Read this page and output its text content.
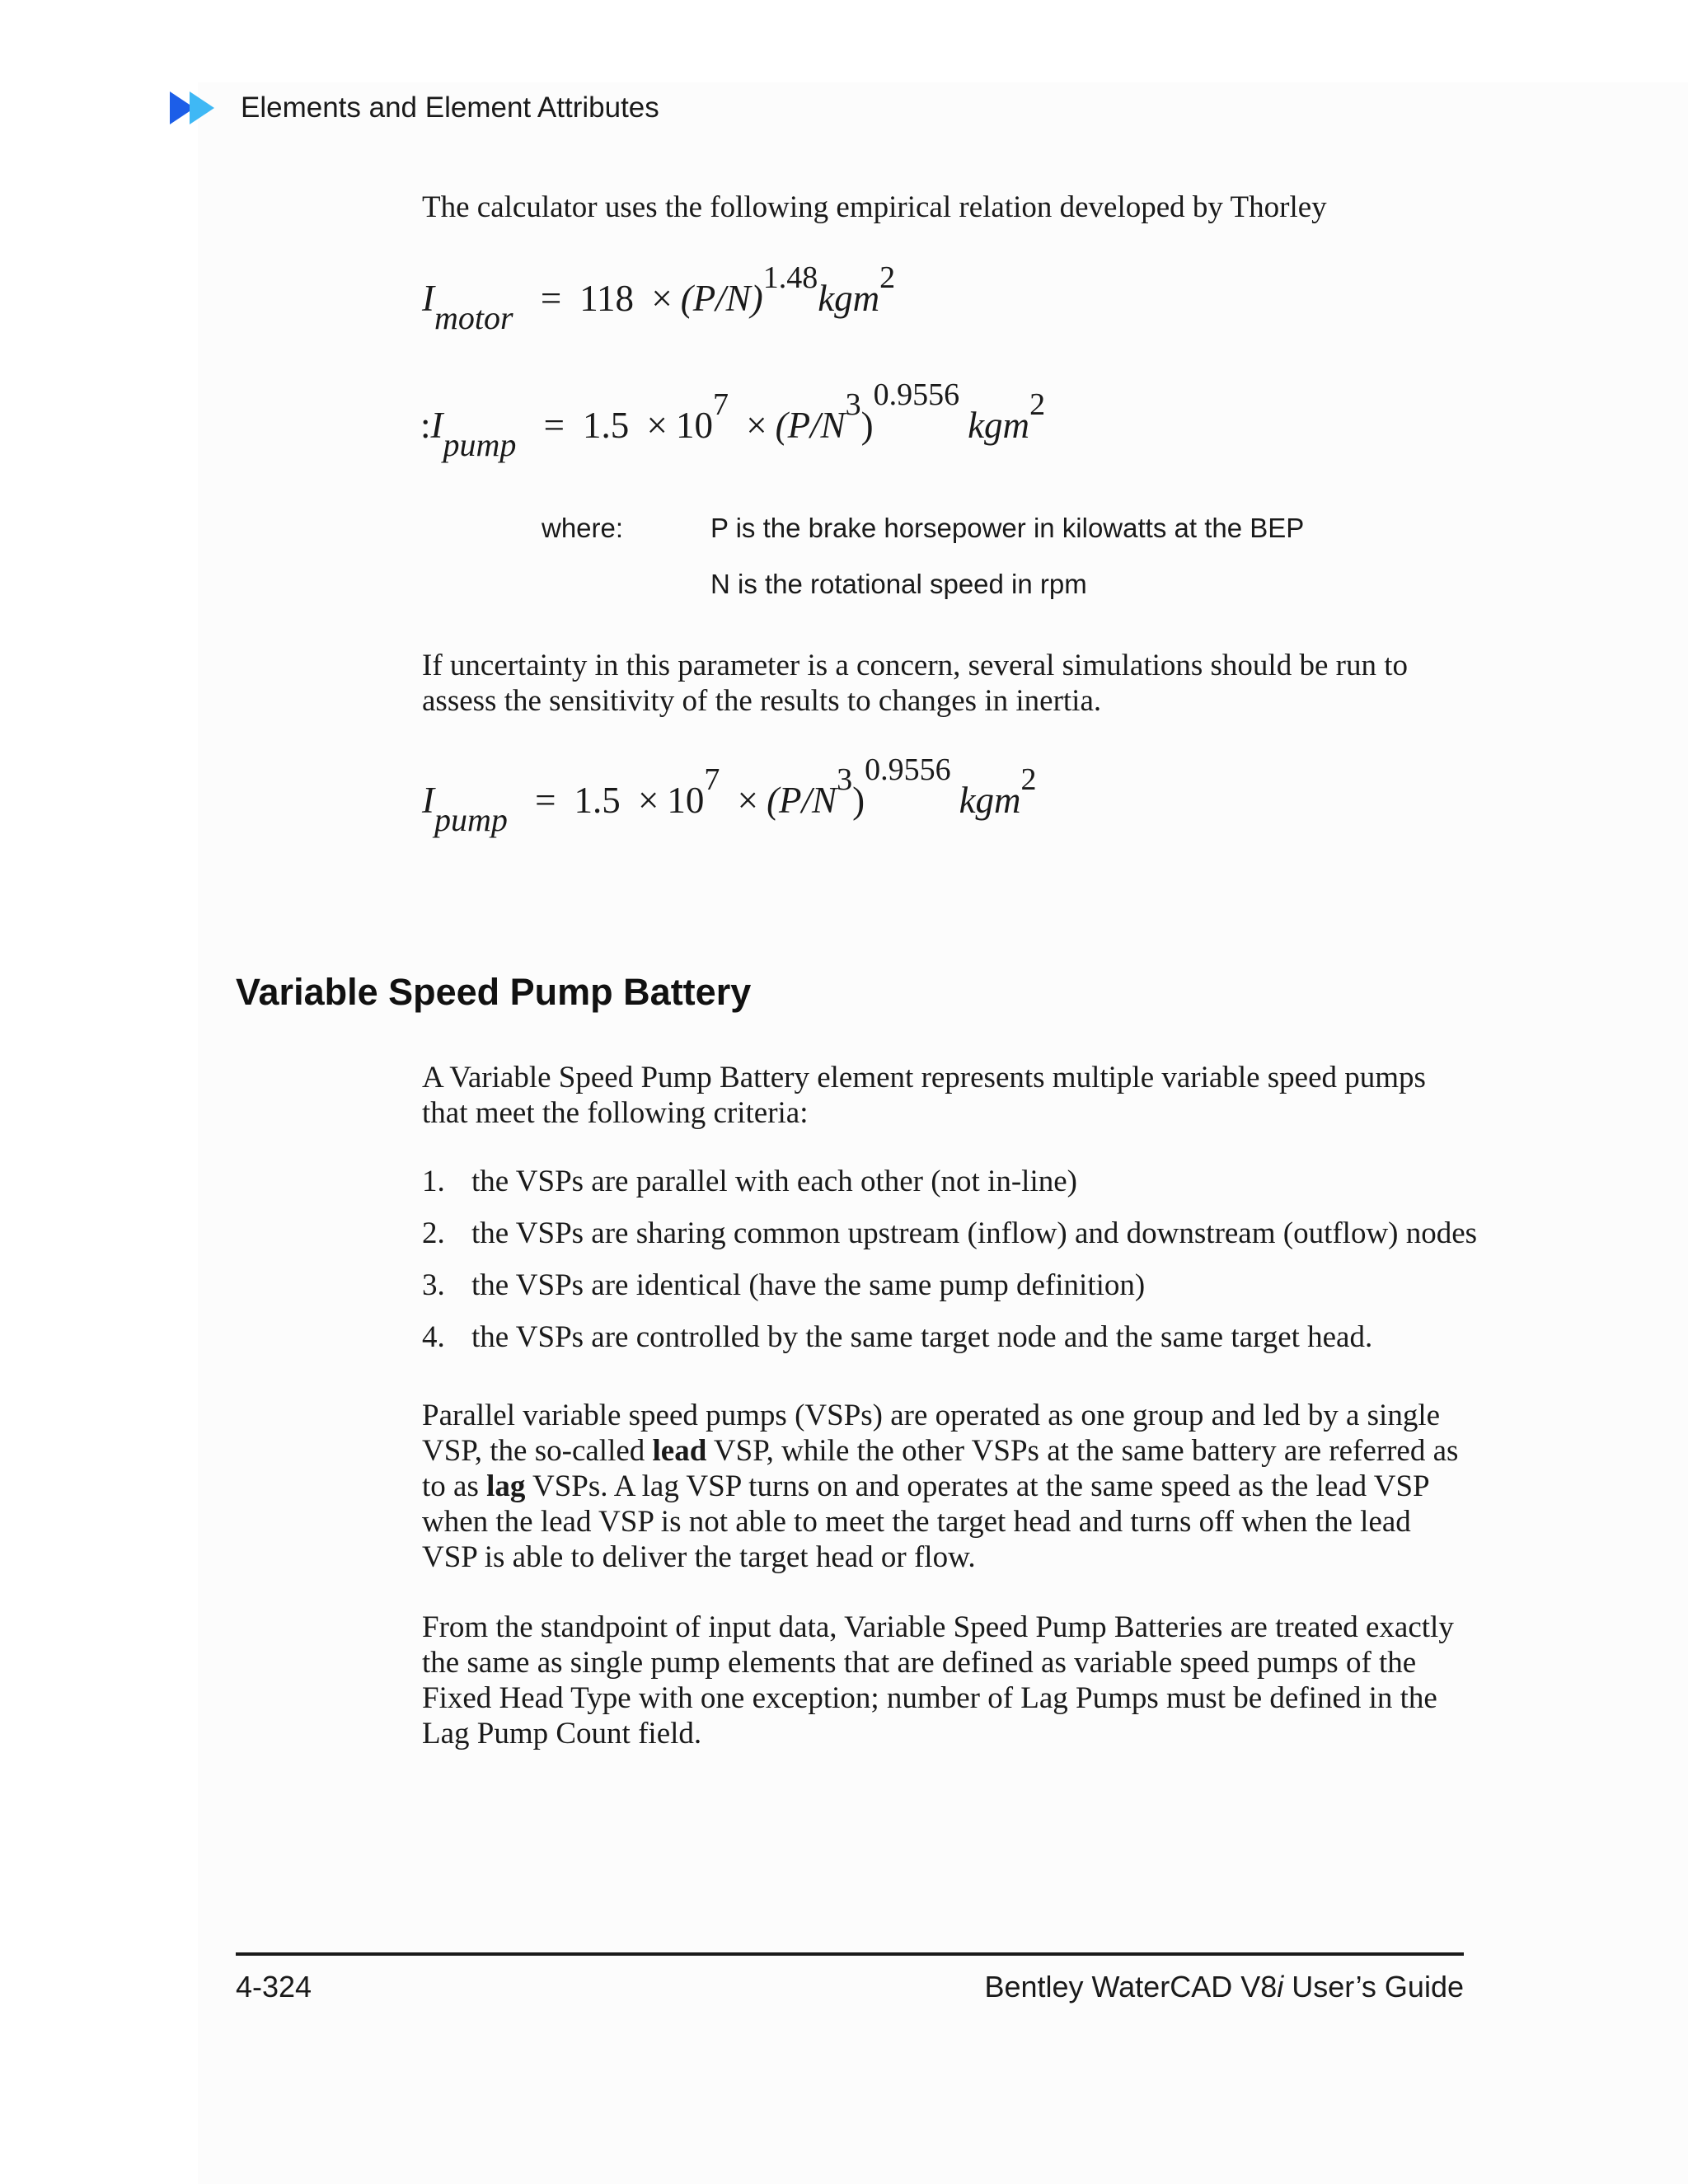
Elements and Element Attributes

The calculator uses the following empirical relation developed by Thorley

Imotor = $118 \times (P/N)^{1.48}kgm^2$
:Ipump = $1.5 \times 10^7 \times (P/N^3)^{0.9556}kgm^2$
where:	P is the brake horsepower in kilowatts at the BEP
N is the rotational speed in rpm

If uncertainty in this parameter is a concern, several simulations should be run to assess the sensitivity of the results to changes in inertia.

Ipump = $1.5 \times 10^7 \times (P/N^3)^{0.9556}kgm^2$
Variable Speed Pump Battery

A Variable Speed Pump Battery element represents multiple variable speed pumps that meet the following criteria:

1. the VSPs are parallel with each other (not in-line)
2. the VSPs are sharing common upstream (inflow) and downstream (outflow) nodes
3. the VSPs are identical (have the same pump definition)
4. the VSPs are controlled by the same target node and the same target head.

Parallel variable speed pumps (VSPs) are operated as one group and led by a single VSP, the so-called lead VSP, while the other VSPs at the same battery are referred as to as lag VSPs. A lag VSP turns on and operates at the same speed as the lead VSP when the lead VSP is not able to meet the target head and turns off when the lead VSP is able to deliver the target head or flow.

From the standpoint of input data, Variable Speed Pump Batteries are treated exactly the same as single pump elements that are defined as variable speed pumps of the Fixed Head Type with one exception; number of Lag Pumps must be defined in the Lag Pump Count field.

4-324	Bentley WaterCAD V8i User’s Guide
